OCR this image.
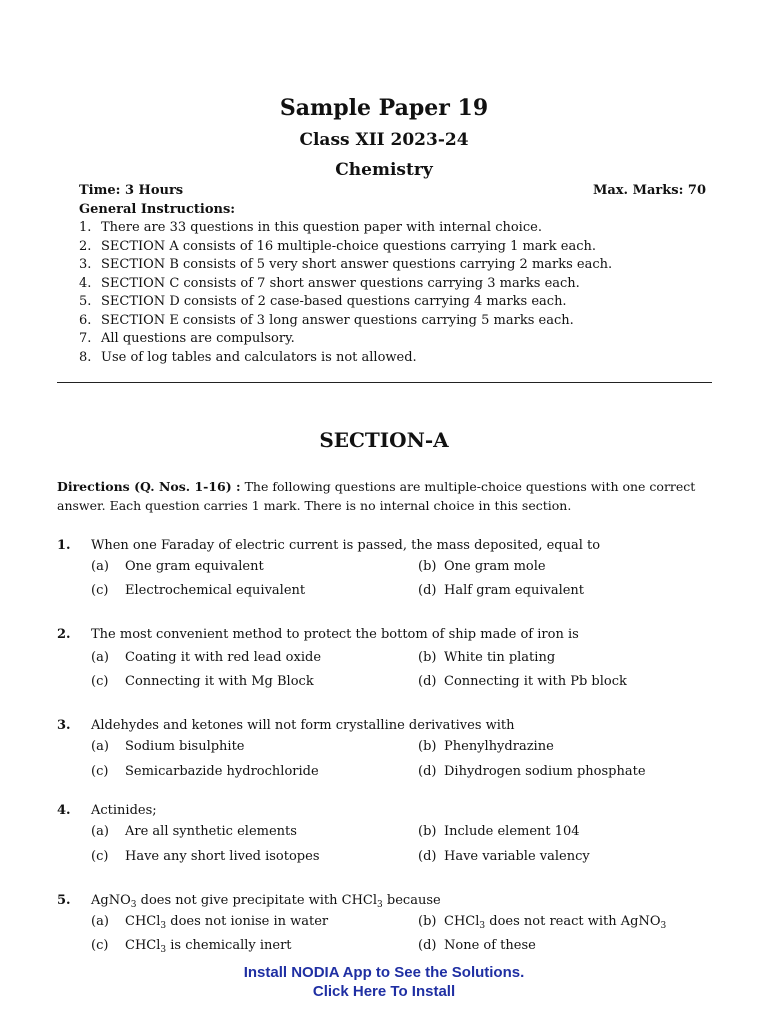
Sample Paper 19
Class XII 2023-24
Chemistry
Time: 3 Hours	Max. Marks: 70
General Instructions:
1. There are 33 questions in this question paper with internal choice.
2. SECTION A consists of 16 multiple-choice questions carrying 1 mark each.
3. SECTION B consists of 5 very short answer questions carrying 2 marks each.
4. SECTION C consists of 7 short answer questions carrying 3 marks each.
5. SECTION D consists of 2 case-based questions carrying 4 marks each.
6. SECTION E consists of 3 long answer questions carrying 5 marks each.
7. All questions are compulsory.
8. Use of log tables and calculators is not allowed.
SECTION-A
Directions (Q. Nos. 1-16) : The following questions are multiple-choice questions with one correct answer. Each question carries 1 mark. There is no internal choice in this section.
1. When one Faraday of electric current is passed, the mass deposited, equal to
(a) One gram equivalent	(b) One gram mole
(c) Electrochemical equivalent	(d) Half gram equivalent
2. The most convenient method to protect the bottom of ship made of iron is
(a) Coating it with red lead oxide	(b) White tin plating
(c) Connecting it with Mg Block	(d) Connecting it with Pb block
3. Aldehydes and ketones will not form crystalline derivatives with
(a) Sodium bisulphite	(b) Phenylhydrazine
(c) Semicarbazide hydrochloride	(d) Dihydrogen sodium phosphate
4. Actinides;
(a) Are all synthetic elements	(b) Include element 104
(c) Have any short lived isotopes	(d) Have variable valency
5. AgNO$_3$ does not give precipitate with CHCl$_3$ because
(a) CHCl$_3$ does not ionise in water	(b) CHCl$_3$ does not react with AgNO$_3$
(c) CHCl$_3$ is chemically inert	(d) None of these
Install NODIA App to See the Solutions.
Click Here To Install
